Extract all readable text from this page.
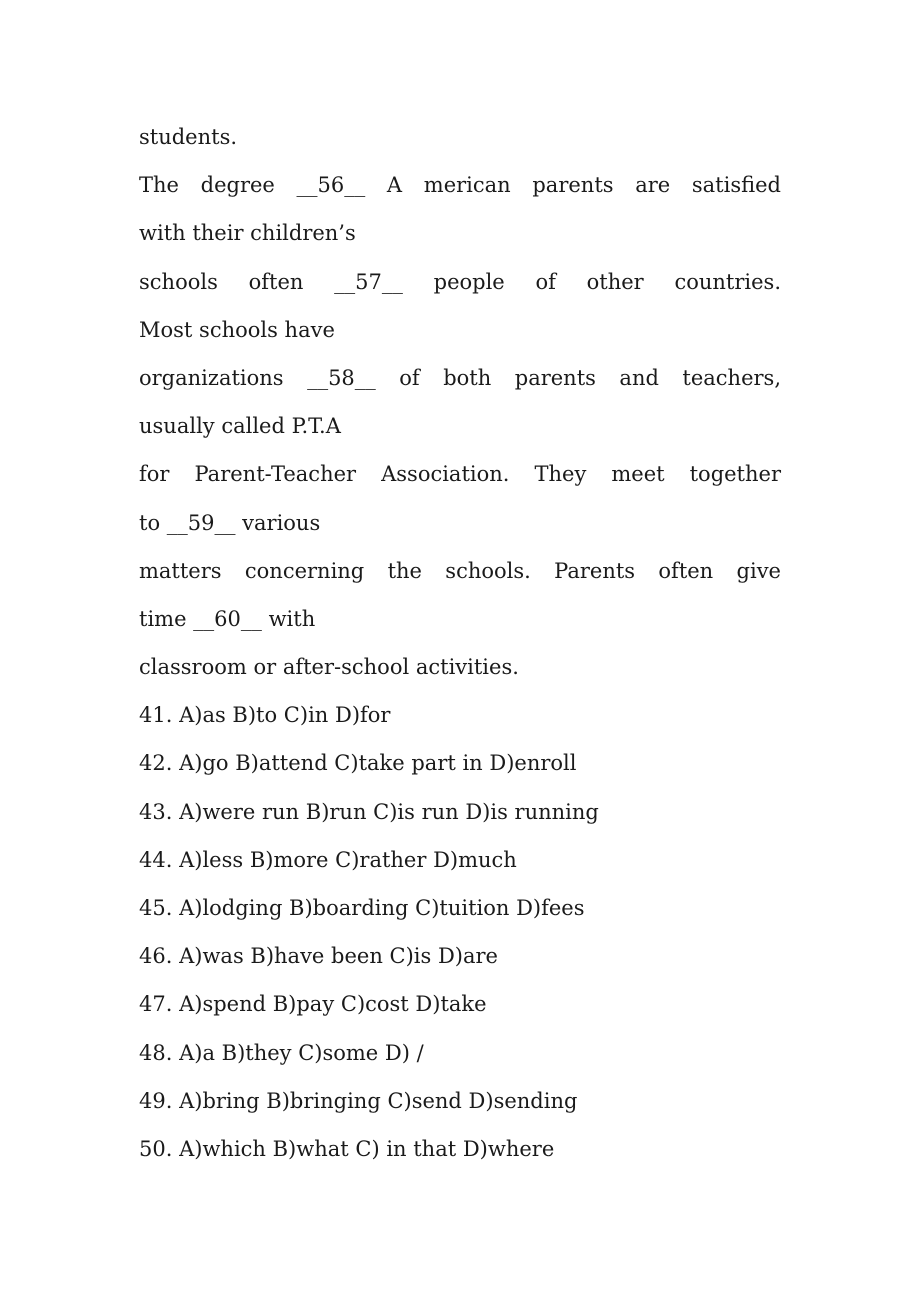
students.
The degree __56__ A merican parents are satisfied
with their children’s
schools often __57__ people of other countries.
Most schools have
organizations __58__ of both parents and teachers,
usually called P.T.A
for Parent-Teacher Association. They meet together
to __59__ various
matters concerning the schools. Parents often give
time __60__ with
classroom or after-school activities.
41. A)as B)to C)in D)for
42. A)go B)attend C)take part in D)enroll
43. A)were run B)run C)is run D)is running
44. A)less B)more C)rather D)much
45. A)lodging B)boarding C)tuition D)fees
46. A)was B)have been C)is D)are
47. A)spend B)pay C)cost D)take
48. A)a B)they C)some D) /
49. A)bring B)bringing C)send D)sending
50. A)which B)what C) in that D)where
